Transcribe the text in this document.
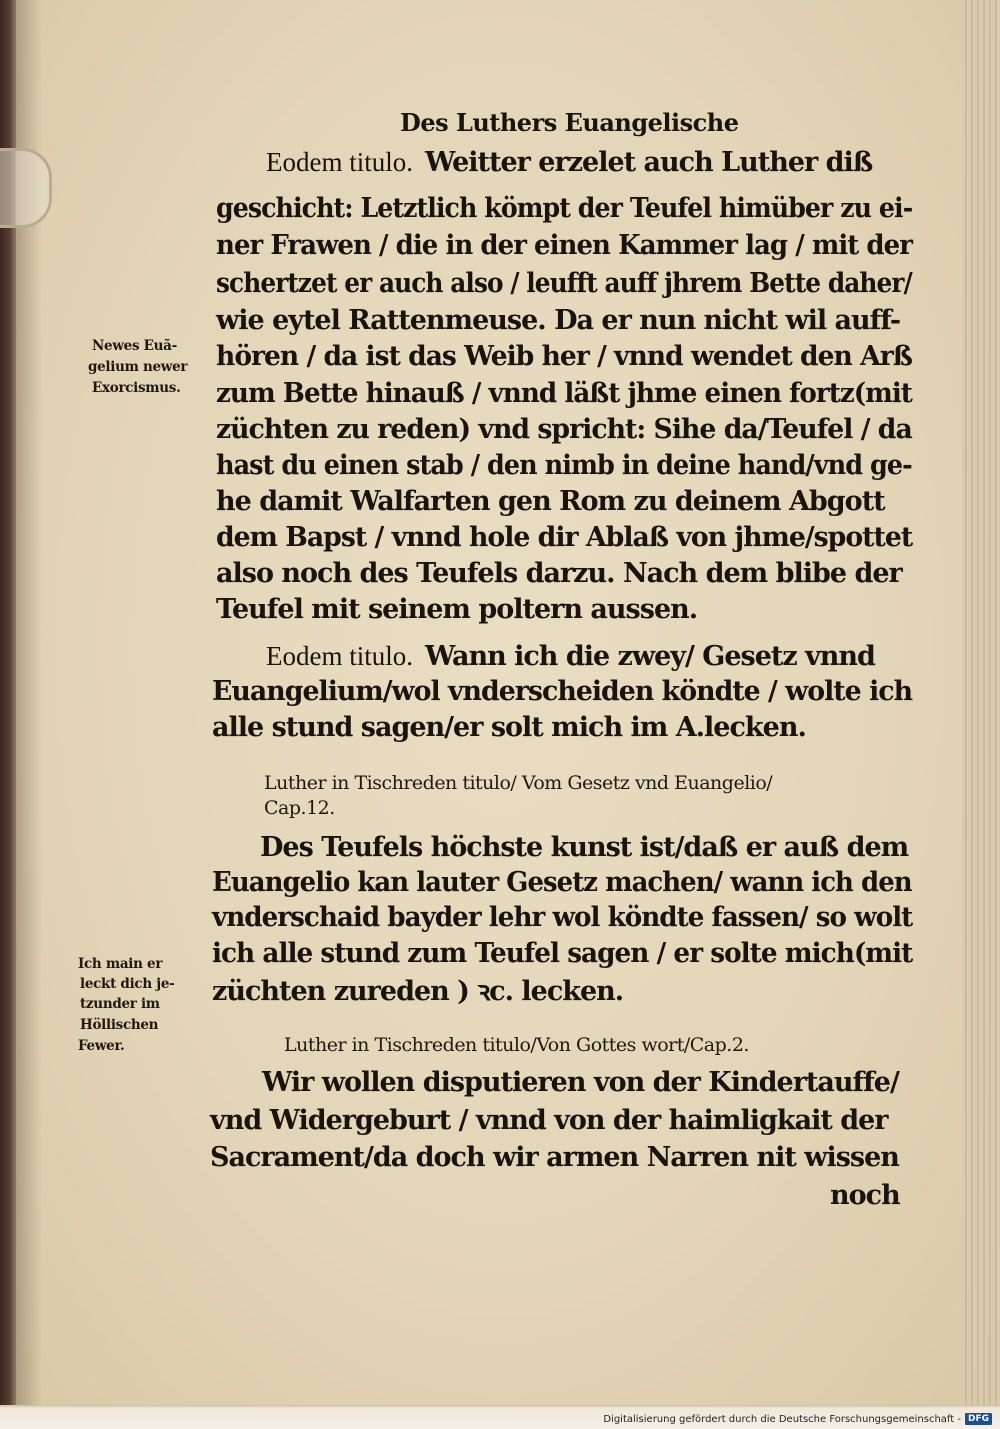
Des Luthers Euangelische
Eodem titulo. Weitter erzelet auch Luther diß
geschicht: Letztlich kömpt der Teufel himüber zu ei-
ner Frawen / die in der einen Kammer lag / mit der
schertzet er auch also / leufft auff jhrem Bette daher/
wie eytel Rattenmeuse. Da er nun nicht wil auff-
hören / da ist das Weib her / vnnd wendet den Arß
zum Bette hinauß / vnnd läßt jhme einen fortz(mit
züchten zu reden) vnd spricht: Sihe da/Teufel / da
hast du einen stab / den nimb in deine hand/vnd ge-
he damit Walfarten gen Rom zu deinem Abgott
dem Bapst / vnnd hole dir Ablaß von jhme/spottet
also noch des Teufels darzu. Nach dem blibe der
Teufel mit seinem poltern aussen.
Newes Euã-
gelium newer
Exorcismus.
Eodem titulo. Wann ich die zwey/ Gesetz vnnd
Euangelium/wol vnderscheiden köndte / wolte ich
alle stund sagen/er solt mich im A.lecken.
Luther in Tischreden titulo/ Vom Gesetz vnd Euangelio/
Cap.12.
Des Teufels höchste kunst ist/daß er auß dem
Euangelio kan lauter Gesetz machen/ wann ich den
vnderschaid bayder lehr wol köndte fassen/ so wolt
ich alle stund zum Teufel sagen / er solte mich(mit
züchten zureden ) ꝛc. lecken.
Ich main er
leckt dich je-
tzunder im
Höllischen
Fewer.	Luther in Tischreden titulo/Von Gottes wort/Cap.2.
Wir wollen disputieren von der Kindertauffe/
vnd Widergeburt / vnnd von der haimligkait der
Sacrament/da doch wir armen Narren nit wissen
noch
Digitalisierung gefördert durch die Deutsche Forschungsgemeinschaft - DFG
